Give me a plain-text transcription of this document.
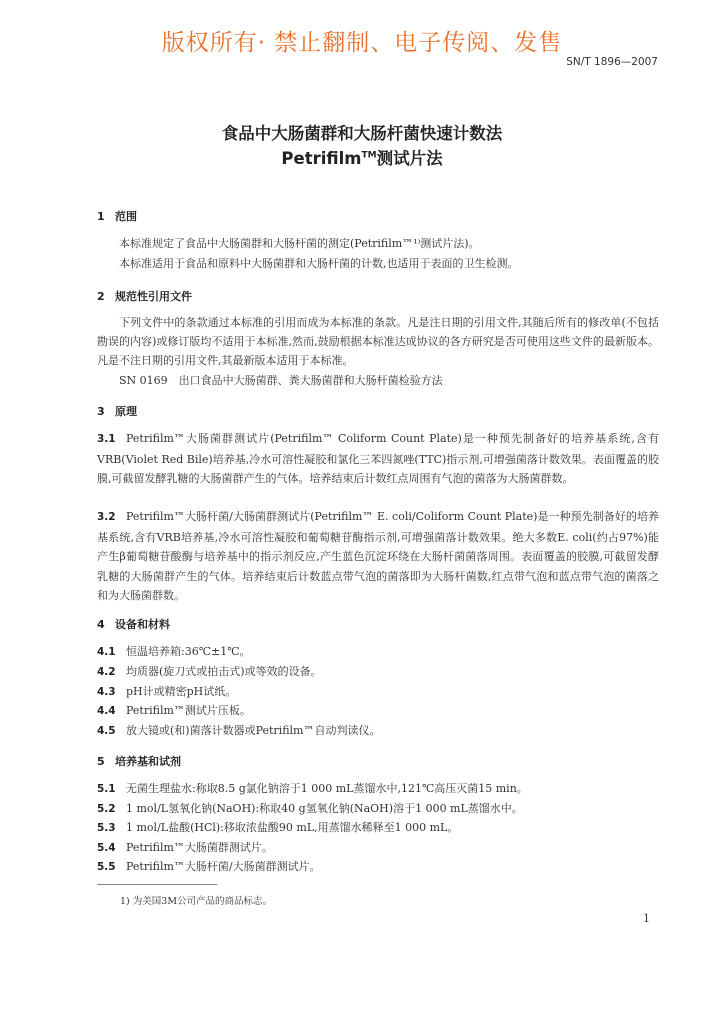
版权所有· 禁止翻制、电子传阅、发售
SN/T 1896—2007
食品中大肠菌群和大肠杆菌快速计数法
Petrifilm™测试片法
1 范围
本标准规定了食品中大肠菌群和大肠杆菌的测定(Petrifilm™¹⁾测试片法)。
本标准适用于食品和原料中大肠菌群和大肠杆菌的计数,也适用于表面的卫生检测。
2 规范性引用文件
下列文件中的条款通过本标准的引用而成为本标准的条款。凡是注日期的引用文件,其随后所有的修改单(不包括勘误的内容)或修订版均不适用于本标准,然而,鼓励根据本标准达成协议的各方研究是否可使用这些文件的最新版本。凡是不注日期的引用文件,其最新版本适用于本标准。
SN 0169　出口食品中大肠菌群、粪大肠菌群和大肠杆菌检验方法
3 原理
3.1 Petrifilm™大肠菌群测试片(Petrifilm™ Coliform Count Plate)是一种预先制备好的培养基系统,含有VRB(Violet Red Bile)培养基,冷水可溶性凝胶和氯化三苯四氮唑(TTC)指示剂,可增强菌落计数效果。表面覆盖的胶膜,可截留发酵乳糖的大肠菌群产生的气体。培养结束后计数红点周围有气泡的菌落为大肠菌群数。
3.2 Petrifilm™大肠杆菌/大肠菌群测试片(Petrifilm™ E. coli/Coliform Count Plate)是一种预先制备好的培养基系统,含有VRB培养基,冷水可溶性凝胶和葡萄糖苷酶指示剂,可增强菌落计数效果。绝大多数E. coli(约占97%)能产生β葡萄糖苷酸酶与培养基中的指示剂反应,产生蓝色沉淀环绕在大肠杆菌菌落周围。表面覆盖的胶膜,可截留发酵乳糖的大肠菌群产生的气体。培养结束后计数蓝点带气泡的菌落即为大肠杆菌数,红点带气泡和蓝点带气泡的菌落之和为大肠菌群数。
4 设备和材料
4.1 恒温培养箱:36℃±1℃。
4.2 均质器(旋刀式或拍击式)或等效的设备。
4.3 pH计或精密pH试纸。
4.4 Petrifilm™测试片压板。
4.5 放大镜或(和)菌落计数器或Petrifilm™自动判读仪。
5 培养基和试剂
5.1 无菌生理盐水:称取8.5 g氯化钠溶于1 000 mL蒸馏水中,121℃高压灭菌15 min。
5.2 1 mol/L氢氧化钠(NaOH):称取40 g氢氧化钠(NaOH)溶于1 000 mL蒸馏水中。
5.3 1 mol/L盐酸(HCl):移取浓盐酸90 mL,用蒸馏水稀释至1 000 mL。
5.4 Petrifilm™大肠菌群测试片。
5.5 Petrifilm™大肠杆菌/大肠菌群测试片。
1) 为美国3M公司产品的商品标志。
1
